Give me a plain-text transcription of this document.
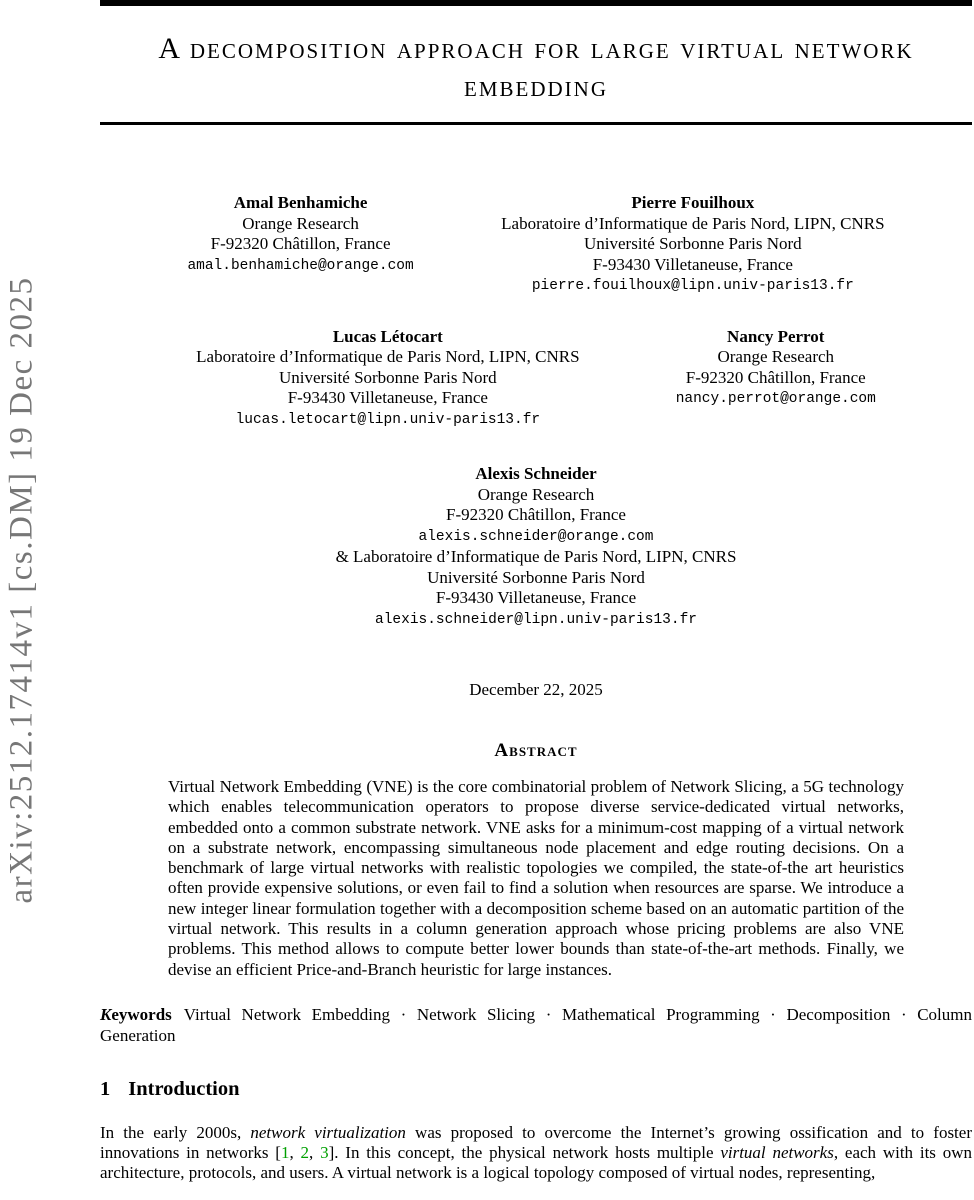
arXiv:2512.17414v1 [cs.DM] 19 Dec 2025
A decomposition approach for large virtual network
embedding
Amal Benhamiche
Orange Research
F-92320 Châtillon, France
amal.benhamiche@orange.com
Pierre Fouilhoux
Laboratoire d’Informatique de Paris Nord, LIPN, CNRS
Université Sorbonne Paris Nord
F-93430 Villetaneuse, France
pierre.fouilhoux@lipn.univ-paris13.fr
Lucas Létocart
Laboratoire d’Informatique de Paris Nord, LIPN, CNRS
Université Sorbonne Paris Nord
F-93430 Villetaneuse, France
lucas.letocart@lipn.univ-paris13.fr
Nancy Perrot
Orange Research
F-92320 Châtillon, France
nancy.perrot@orange.com
Alexis Schneider
Orange Research
F-92320 Châtillon, France
alexis.schneider@orange.com
& Laboratoire d’Informatique de Paris Nord, LIPN, CNRS
Université Sorbonne Paris Nord
F-93430 Villetaneuse, France
alexis.schneider@lipn.univ-paris13.fr
December 22, 2025
Abstract

Virtual Network Embedding (VNE) is the core combinatorial problem of Network Slicing, a 5G technology which enables telecommunication operators to propose diverse service-dedicated virtual networks, embedded onto a common substrate network. VNE asks for a minimum-cost mapping of a virtual network on a substrate network, encompassing simultaneous node placement and edge routing decisions. On a benchmark of large virtual networks with realistic topologies we compiled, the state-of-the art heuristics often provide expensive solutions, or even fail to find a solution when resources are sparse. We introduce a new integer linear formulation together with a decomposition scheme based on an automatic partition of the virtual network. This results in a column generation approach whose pricing problems are also VNE problems. This method allows to compute better lower bounds than state-of-the-art methods. Finally, we devise an efficient Price-and-Branch heuristic for large instances.

Keywords Virtual Network Embedding · Network Slicing · Mathematical Programming · Decomposition · Column Generation

1 Introduction

In the early 2000s, network virtualization was proposed to overcome the Internet’s growing ossification and to foster innovations in networks [1, 2, 3]. In this concept, the physical network hosts multiple virtual networks, each with its own architecture, protocols, and users. A virtual network is a logical topology composed of virtual nodes, representing,
